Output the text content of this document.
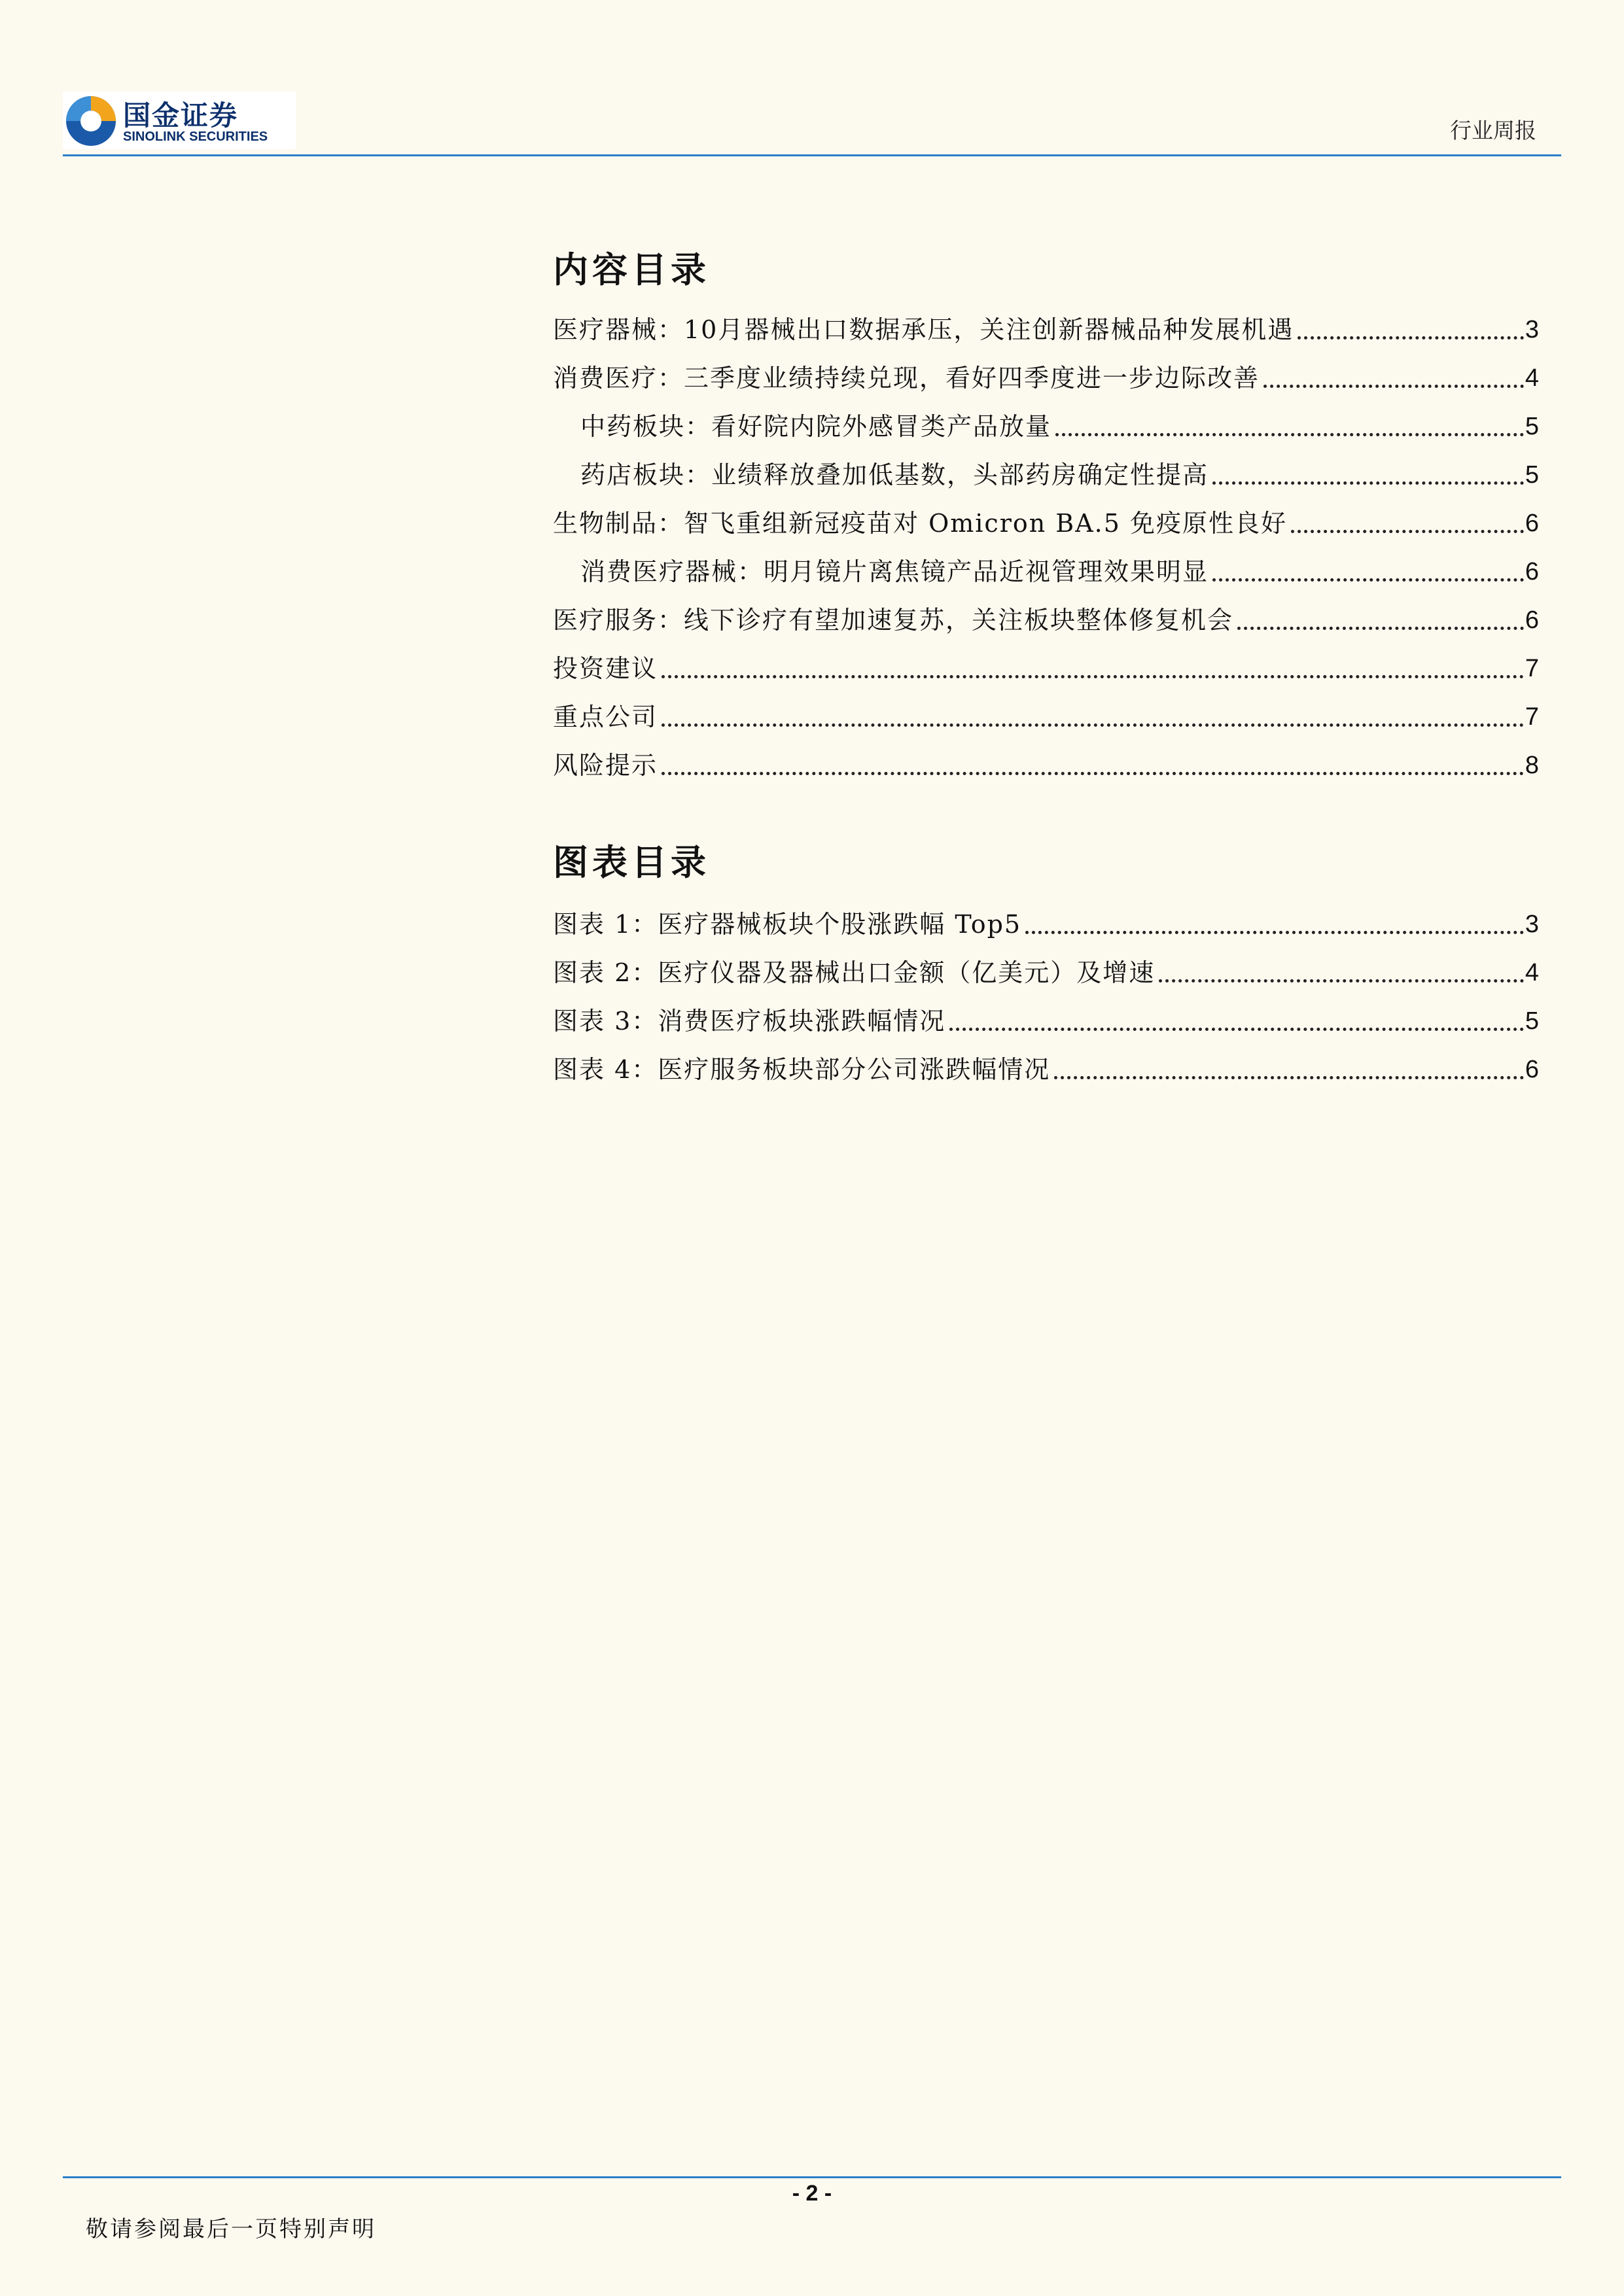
国金证券
SINOLINK SECURITIES	行业周报
内容目录
医疗器械：10月器械出口数据承压，关注创新器械品种发展机遇	3
消费医疗：三季度业绩持续兑现，看好四季度进一步边际改善	4
中药板块：看好院内院外感冒类产品放量	5
药店板块：业绩释放叠加低基数，头部药房确定性提高	5
生物制品：智飞重组新冠疫苗对 Omicron BA.5 免疫原性良好	6
消费医疗器械：明月镜片离焦镜产品近视管理效果明显	6
医疗服务：线下诊疗有望加速复苏，关注板块整体修复机会	6
投资建议	7
重点公司	7
风险提示	8
图表目录
图表 1：医疗器械板块个股涨跌幅 Top5	3
图表 2：医疗仪器及器械出口金额（亿美元）及增速	4
图表 3：消费医疗板块涨跌幅情况	5
图表 4：医疗服务板块部分公司涨跌幅情况	6
- 2 -
敬请参阅最后一页特别声明
